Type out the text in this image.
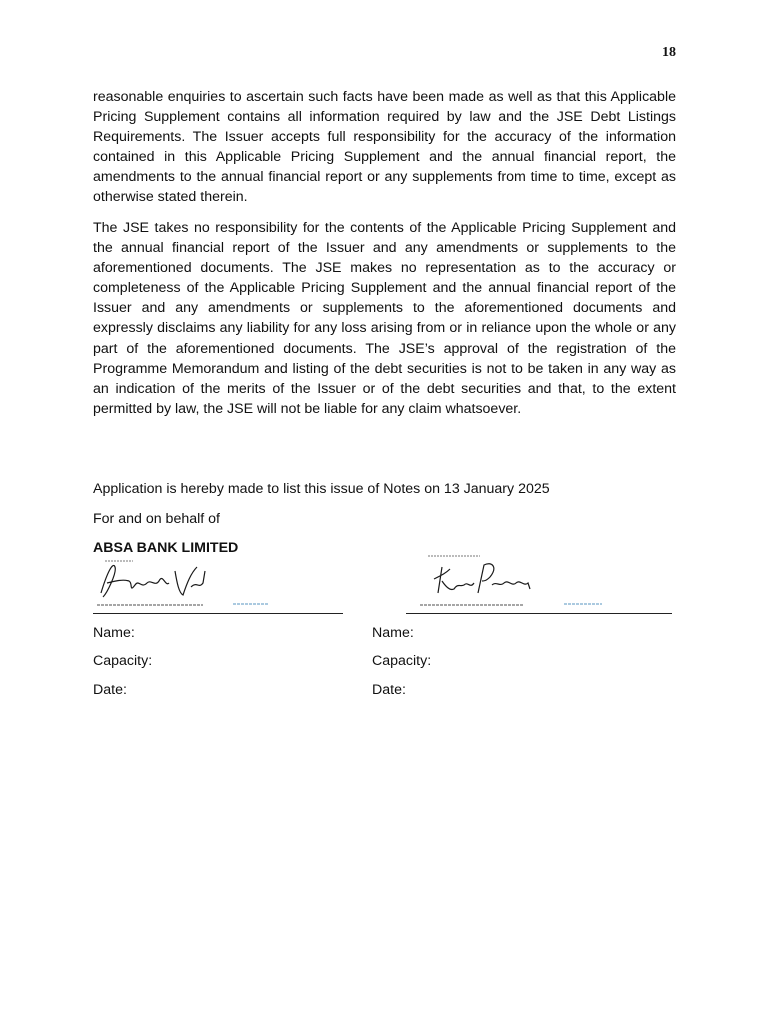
18

reasonable enquiries to ascertain such facts have been made as well as that this Applicable Pricing Supplement contains all information required by law and the JSE Debt Listings Requirements. The Issuer accepts full responsibility for the accuracy of the information contained in this Applicable Pricing Supplement and the annual financial report, the amendments to the annual financial report or any supplements from time to time, except as otherwise stated therein.

The JSE takes no responsibility for the contents of the Applicable Pricing Supplement and the annual financial report of the Issuer and any amendments or supplements to the aforementioned documents. The JSE makes no representation as to the accuracy or completeness of the Applicable Pricing Supplement and the annual financial report of the Issuer and any amendments or supplements to the aforementioned documents and expressly disclaims any liability for any loss arising from or in reliance upon the whole or any part of the aforementioned documents. The JSE’s approval of the registration of the Programme Memorandum and listing of the debt securities is not to be taken in any way as an indication of the merits of the Issuer or of the debt securities and that, to the extent permitted by law, the JSE will not be liable for any claim whatsoever.

Application is hereby made to list this issue of Notes on 13 January 2025
For and on behalf of
ABSA BANK LIMITED
Name:
Capacity:
Date:
Name:
Capacity:
Date:
